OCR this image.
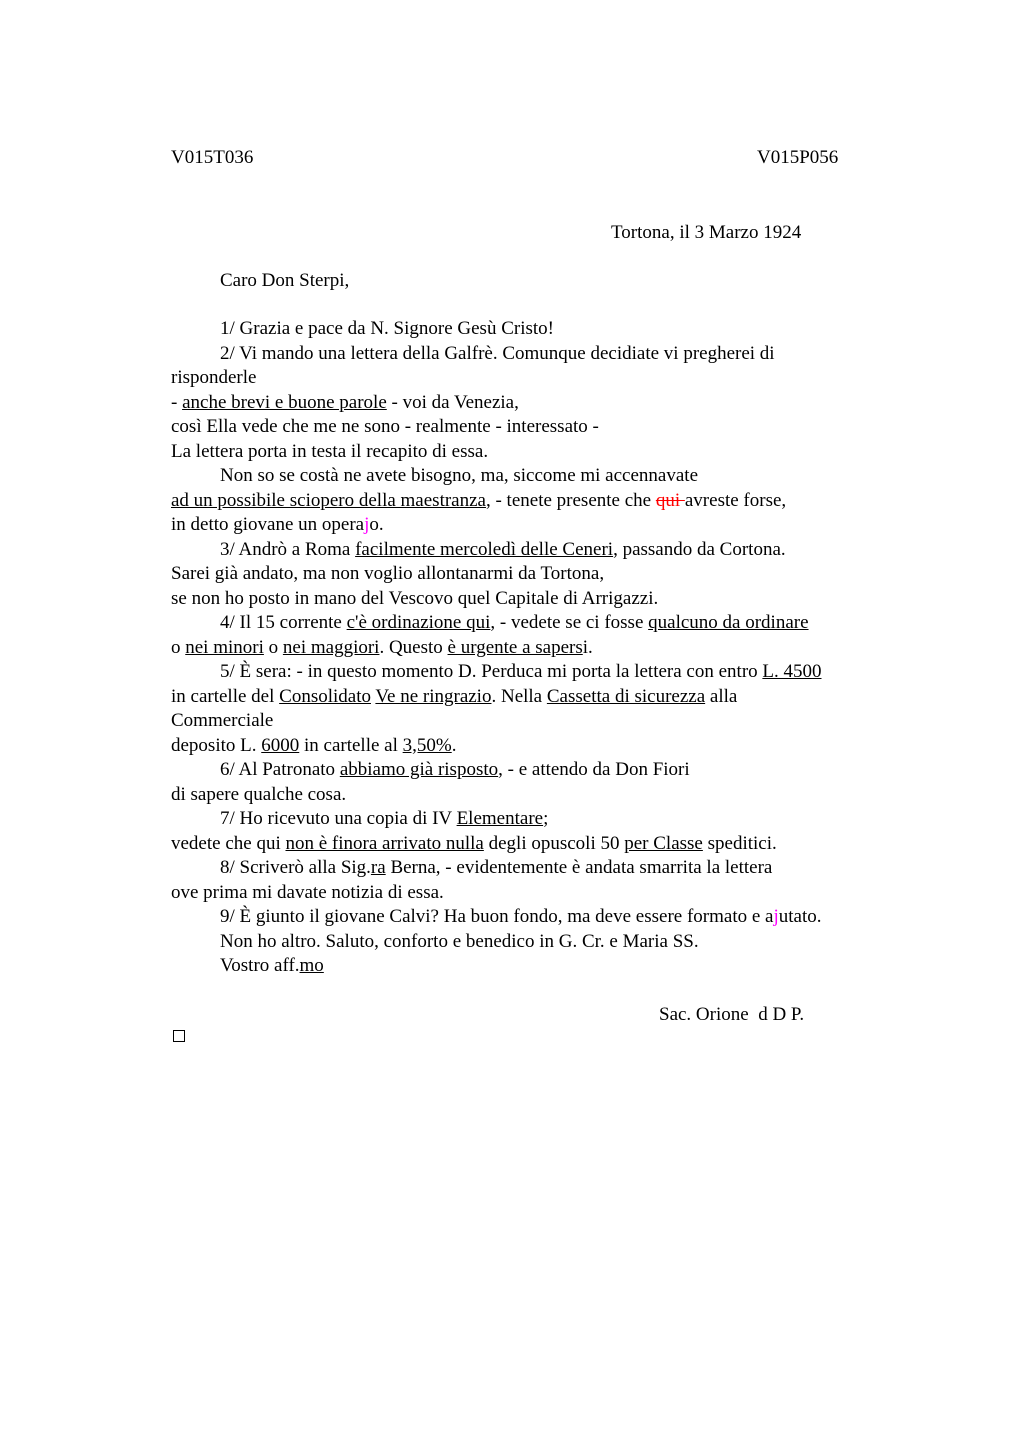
V015T036	V015P056
Tortona, il 3 Marzo 1924
Caro Don Sterpi,
1/ Grazia e pace da N. Signore Gesù Cristo!
2/ Vi mando una lettera della Galfrè. Comunque decidiate vi pregherei di
risponderle
- anche brevi e buone parole - voi da Venezia,
così Ella vede che me ne sono - realmente - interessato -
La lettera porta in testa il recapito di essa.
Non so se costà ne avete bisogno, ma, siccome mi accennavate
ad un possibile sciopero della maestranza, - tenete presente che qui avreste forse,
in detto giovane un operajo.
3/ Andrò a Roma facilmente mercoledì delle Ceneri, passando da Cortona.
Sarei già andato, ma non voglio allontanarmi da Tortona,
se non ho posto in mano del Vescovo quel Capitale di Arrigazzi.
4/ Il 15 corrente c'è ordinazione qui, - vedete se ci fosse qualcuno da ordinare
o nei minori o nei maggiori. Questo è urgente a sapersi.
5/ È sera: - in questo momento D. Perduca mi porta la lettera con entro L. 4500
in cartelle del Consolidato Ve ne ringrazio. Nella Cassetta di sicurezza alla
Commerciale
deposito L. 6000 in cartelle al 3,50%.
6/ Al Patronato abbiamo già risposto, - e attendo da Don Fiori
di sapere qualche cosa.
7/ Ho ricevuto una copia di IV Elementare;
vedete che qui non è finora arrivato nulla degli opuscoli 50 per Classe speditici.
8/ Scriverò alla Sig.ra Berna, - evidentemente è andata smarrita la lettera
ove prima mi davate notizia di essa.
9/ È giunto il giovane Calvi? Ha buon fondo, ma deve essere formato e ajutato.
Non ho altro. Saluto, conforto e benedico in G. Cr. e Maria SS.
Vostro aff.mo
Sac. Orione  d D P.
